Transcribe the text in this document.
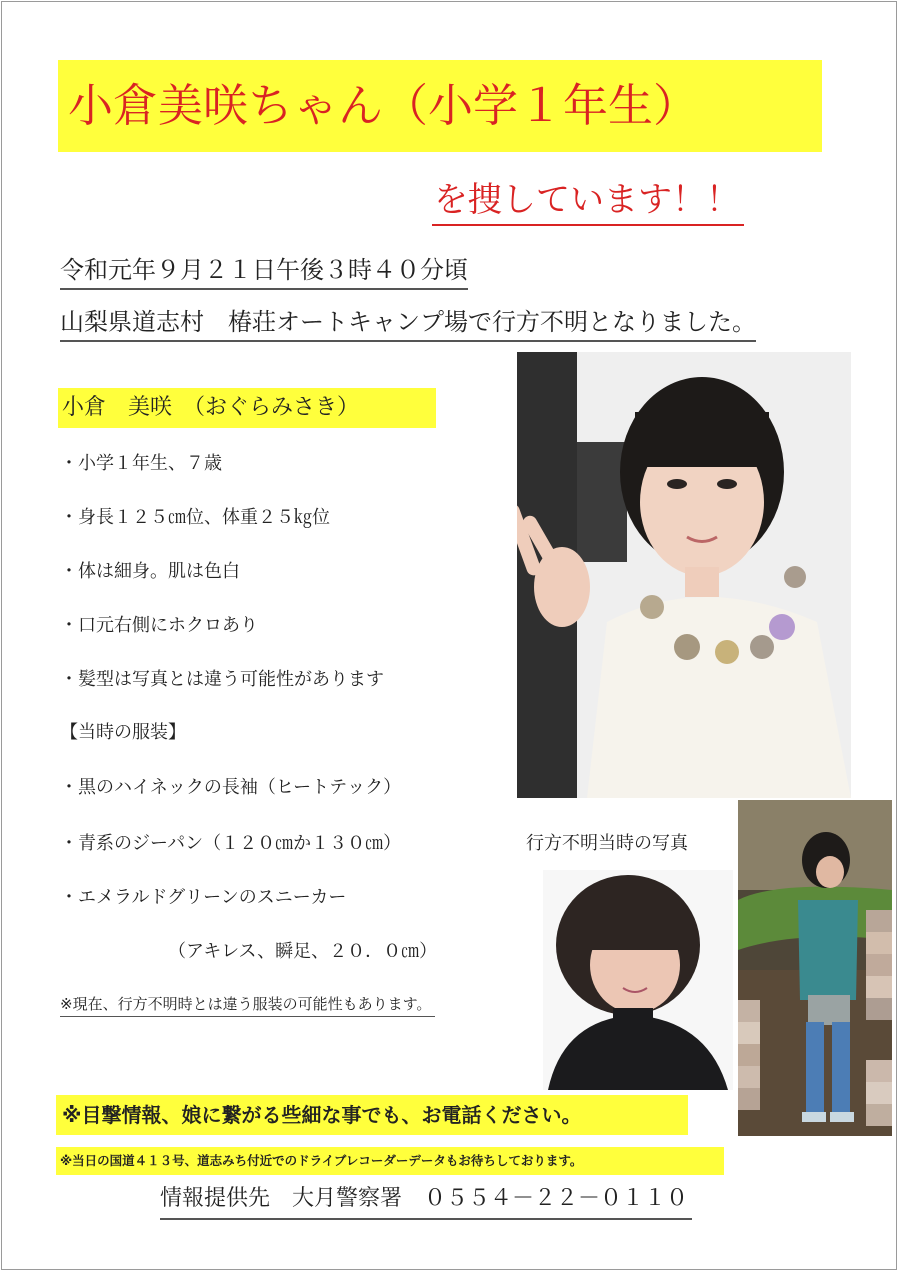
小倉美咲ちゃん（小学１年生）
を捜しています！！
令和元年９月２１日午後３時４０分頃
山梨県道志村　椿荘オートキャンプ場で行方不明となりました。
小倉　美咲　（おぐらみさき）
・小学１年生、７歳
・身長１２５㎝位、体重２５㎏位
・体は細身。肌は色白
・口元右側にホクロあり
・髪型は写真とは違う可能性があります
【当時の服装】
・黒のハイネックの長袖（ヒートテック）
・青系のジーパン（１２０㎝か１３０㎝）
・エメラルドグリーンのスニーカー
（アキレス、瞬足、２０．０㎝）
※現在、行方不明時とは違う服装の可能性もあります。
行方不明当時の写真
※目撃情報、娘に繋がる些細な事でも、お電話ください。
※当日の国道４１３号、道志みち付近でのドライブレコーダーデータもお待ちしております。
情報提供先　大月警察署　０５５４－２２－０１１０
